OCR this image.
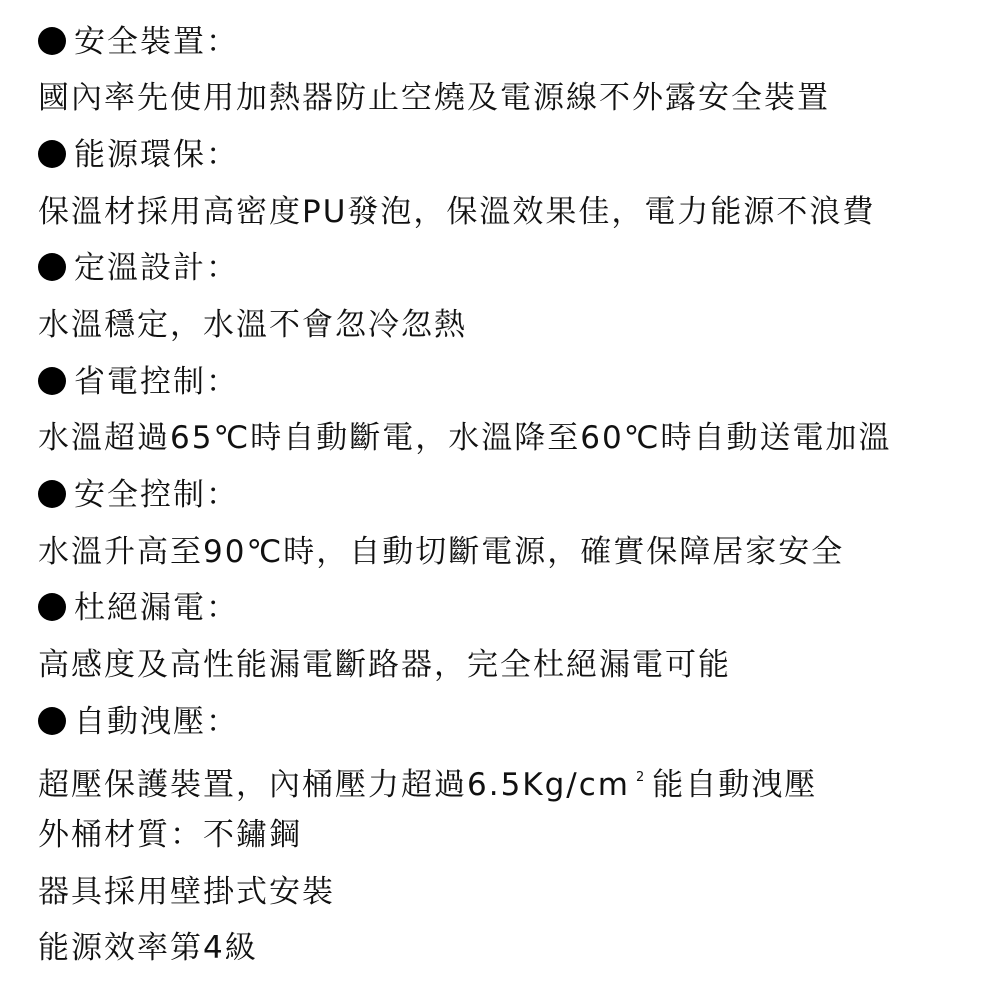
安全裝置：
國內率先使用加熱器防止空燒及電源線不外露安全裝置
能源環保：
保溫材採用高密度PU發泡，保溫效果佳，電力能源不浪費
定溫設計：
水溫穩定，水溫不會忽冷忽熱
省電控制：
水溫超過65℃時自動斷電，水溫降至60℃時自動送電加溫
安全控制：
水溫升高至90℃時，自動切斷電源，確實保障居家安全
杜絕漏電：
高感度及高性能漏電斷路器，完全杜絕漏電可能
自動洩壓：
超壓保護裝置，內桶壓力超過6.5Kg/cm $^2$ 能自動洩壓
外桶材質：不鏽鋼
器具採用壁掛式安裝
能源效率第4級
